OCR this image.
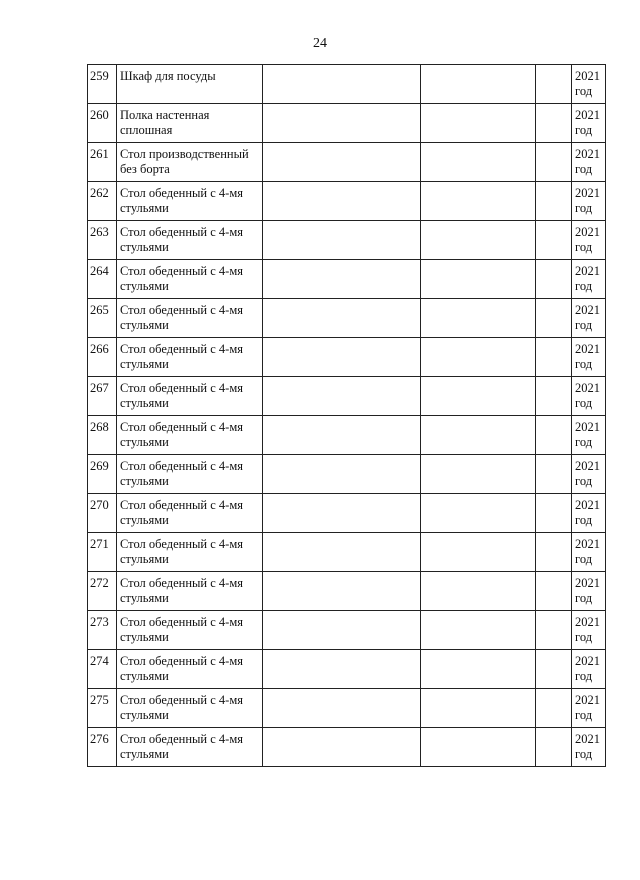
24
259	Шкаф для посуды				2021 год
260	Полка настенная сплошная				2021 год
261	Стол производственный без борта				2021 год
262	Стол обеденный с 4-мя стульями				2021 год
263	Стол обеденный с 4-мя стульями				2021 год
264	Стол обеденный с 4-мя стульями				2021 год
265	Стол обеденный с 4-мя стульями				2021 год
266	Стол обеденный с 4-мя стульями				2021 год
267	Стол обеденный с 4-мя стульями				2021 год
268	Стол обеденный с 4-мя стульями				2021 год
269	Стол обеденный с 4-мя стульями				2021 год
270	Стол обеденный с 4-мя стульями				2021 год
271	Стол обеденный с 4-мя стульями				2021 год
272	Стол обеденный с 4-мя стульями				2021 год
273	Стол обеденный с 4-мя стульями				2021 год
274	Стол обеденный с 4-мя стульями				2021 год
275	Стол обеденный с 4-мя стульями				2021 год
276	Стол обеденный с 4-мя стульями				2021 год
